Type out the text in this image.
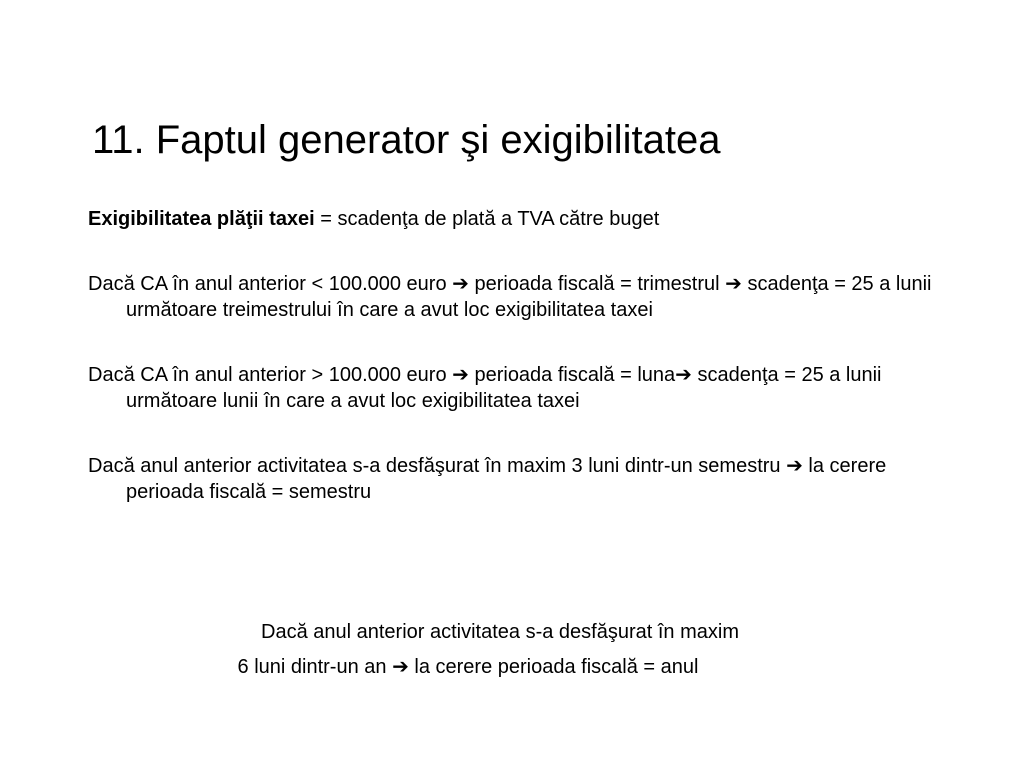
11. Faptul generator şi exigibilitatea

Exigibilitatea plăţii taxei = scadenţa de plată a TVA către buget

Dacă CA în anul anterior < 100.000 euro ➔ perioada fiscală = trimestrul ➔ scadenţa = 25 a lunii următoare treimestrului în care a avut loc exigibilitatea taxei

Dacă CA în anul anterior > 100.000 euro ➔ perioada fiscală = luna➔ scadenţa = 25 a lunii următoare lunii în care a avut loc exigibilitatea taxei

Dacă anul anterior activitatea s-a desfăşurat în maxim 3 luni dintr-un semestru ➔ la cerere perioada fiscală = semestru

Dacă anul anterior activitatea s-a desfăşurat în maxim
6 luni dintr-un an ➔ la cerere perioada fiscală = anul
